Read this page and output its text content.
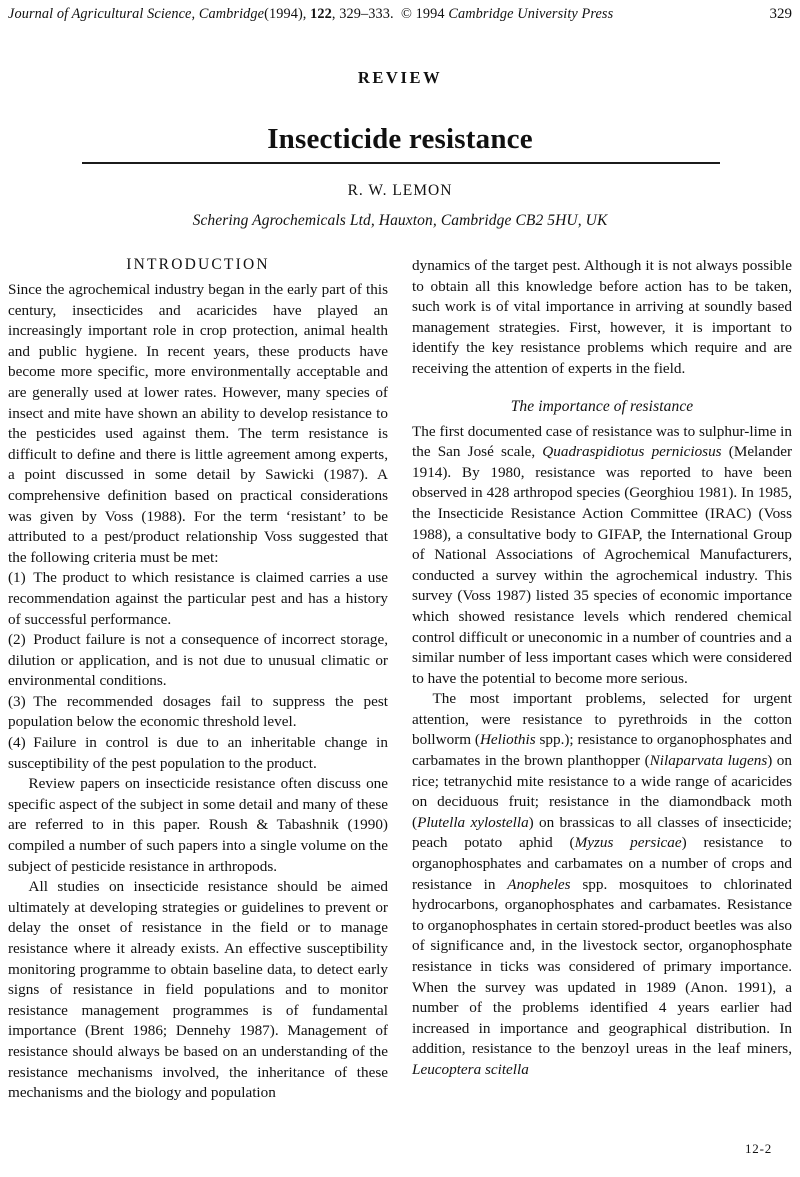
Journal of Agricultural Science, Cambridge(1994), 122, 329–333. © 1994 Cambridge University Press	329
REVIEW
Insecticide resistance
R. W. LEMON
Schering Agrochemicals Ltd, Hauxton, Cambridge CB2 5HU, UK
INTRODUCTION

Since the agrochemical industry began in the early part of this century, insecticides and acaricides have played an increasingly important role in crop protection, animal health and public hygiene. In recent years, these products have become more specific, more environmentally acceptable and are generally used at lower rates. However, many species of insect and mite have shown an ability to develop resistance to the pesticides used against them. The term resistance is difficult to define and there is little agreement among experts, a point discussed in some detail by Sawicki (1987). A comprehensive definition based on practical considerations was given by Voss (1988). For the term ‘resistant’ to be attributed to a pest/product relationship Voss suggested that the following criteria must be met:

(1) The product to which resistance is claimed carries a use recommendation against the particular pest and has a history of successful performance.

(2) Product failure is not a consequence of incorrect storage, dilution or application, and is not due to unusual climatic or environmental conditions.

(3) The recommended dosages fail to suppress the pest population below the economic threshold level.

(4) Failure in control is due to an inheritable change in susceptibility of the pest population to the product.

Review papers on insecticide resistance often discuss one specific aspect of the subject in some detail and many of these are referred to in this paper. Roush & Tabashnik (1990) compiled a number of such papers into a single volume on the subject of pesticide resistance in arthropods.

All studies on insecticide resistance should be aimed ultimately at developing strategies or guidelines to prevent or delay the onset of resistance in the field or to manage resistance where it already exists. An effective susceptibility monitoring programme to obtain baseline data, to detect early signs of resistance in field populations and to monitor resistance management programmes is of fundamental importance (Brent 1986; Dennehy 1987). Management of resistance should always be based on an understanding of the resistance mechanisms involved, the inheritance of these mechanisms and the biology and population

dynamics of the target pest. Although it is not always possible to obtain all this knowledge before action has to be taken, such work is of vital importance in arriving at soundly based management strategies. First, however, it is important to identify the key resistance problems which require and are receiving the attention of experts in the field.

The importance of resistance

The first documented case of resistance was to sulphur-lime in the San José scale, Quadraspidiotus perniciosus (Melander 1914). By 1980, resistance was reported to have been observed in 428 arthropod species (Georghiou 1981). In 1985, the Insecticide Resistance Action Committee (IRAC) (Voss 1988), a consultative body to GIFAP, the International Group of National Associations of Agrochemical Manufacturers, conducted a survey within the agrochemical industry. This survey (Voss 1987) listed 35 species of economic importance which showed resistance levels which rendered chemical control difficult or uneconomic in a number of countries and a similar number of less important cases which were considered to have the potential to become more serious.

The most important problems, selected for urgent attention, were resistance to pyrethroids in the cotton bollworm (Heliothis spp.); resistance to organophosphates and carbamates in the brown planthopper (Nilaparvata lugens) on rice; tetranychid mite resistance to a wide range of acaricides on deciduous fruit; resistance in the diamondback moth (Plutella xylostella) on brassicas to all classes of insecticide; peach potato aphid (Myzus persicae) resistance to organophosphates and carbamates on a number of crops and resistance in Anopheles spp. mosquitoes to chlorinated hydrocarbons, organophosphates and carbamates. Resistance to organophosphates in certain stored-product beetles was also of significance and, in the livestock sector, organophosphate resistance in ticks was considered of primary importance. When the survey was updated in 1989 (Anon. 1991), a number of the problems identified 4 years earlier had increased in importance and geographical distribution. In addition, resistance to the benzoyl ureas in the leaf miners, Leucoptera scitella

12-2
